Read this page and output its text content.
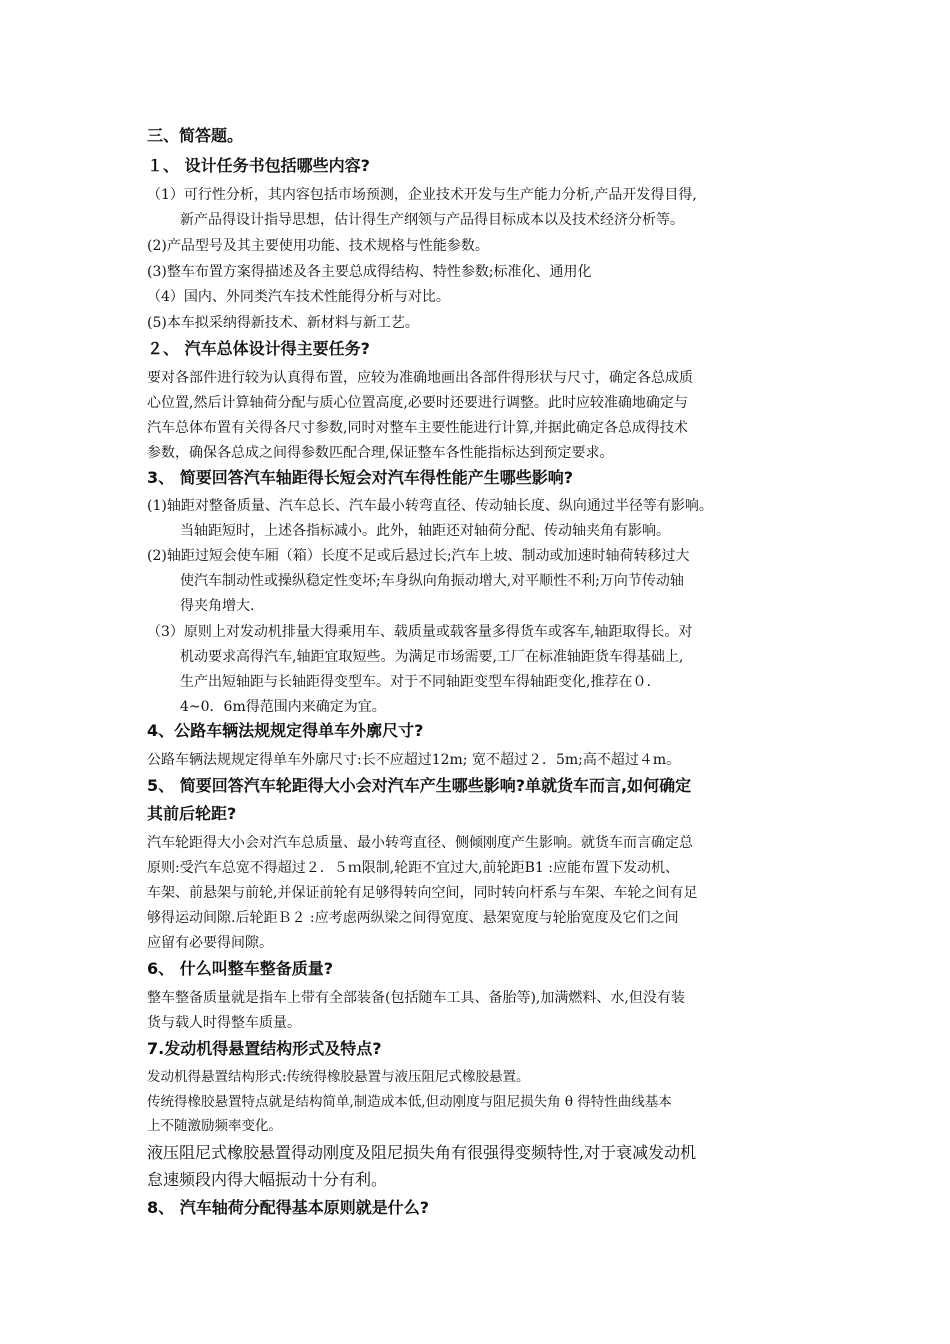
三、简答题。
１、 设计任务书包括哪些内容?
（1）可行性分析，其内容包括市场预测，企业技术开发与生产能力分析,产品开发得目得,
新产品得设计指导思想，估计得生产纲领与产品得目标成本以及技术经济分析等。
(2)产品型号及其主要使用功能、技术规格与性能参数。
(3)整车布置方案得描述及各主要总成得结构、特性参数;标准化、通用化
（4）国内、外同类汽车技术性能得分析与对比。
(5)本车拟采纳得新技术、新材料与新工艺。
２、 汽车总体设计得主要任务?
要对各部件进行较为认真得布置，应较为准确地画出各部件得形状与尺寸，确定各总成质
心位置,然后计算轴荷分配与质心位置高度,必要时还要进行调整。此时应较准确地确定与
汽车总体布置有关得各尺寸参数,同时对整车主要性能进行计算,并据此确定各总成得技术
参数，确保各总成之间得参数匹配合理,保证整车各性能指标达到预定要求。
3、 简要回答汽车轴距得长短会对汽车得性能产生哪些影响?
(1)轴距对整备质量、汽车总长、汽车最小转弯直径、传动轴长度、纵向通过半径等有影响。
当轴距短时，上述各指标减小。此外，轴距还对轴荷分配、传动轴夹角有影响。
(2)轴距过短会使车厢（箱）长度不足或后悬过长;汽车上坡、制动或加速时轴荷转移过大
使汽车制动性或操纵稳定性变坏;车身纵向角振动增大,对平顺性不利;万向节传动轴
得夹角增大.
（3）原则上对发动机排量大得乘用车、载质量或载客量多得货车或客车,轴距取得长。对
机动要求高得汽车,轴距宜取短些。为满足市场需要,工厂在标准轴距货车得基础上,
生产出短轴距与长轴距得变型车。对于不同轴距变型车得轴距变化,推荐在０.
4~0．6m得范围内来确定为宜。
4、公路车辆法规规定得单车外廓尺寸?
公路车辆法规规定得单车外廓尺寸:长不应超过12m; 宽不超过２．5m;高不超过４m。
5、 简要回答汽车轮距得大小会对汽车产生哪些影响?单就货车而言,如何确定
其前后轮距?
汽车轮距得大小会对汽车总质量、最小转弯直径、侧倾刚度产生影响。就货车而言确定总
原则:受汽车总宽不得超过２．５ｍ限制,轮距不宜过大,前轮距B1 :应能布置下发动机、
车架、前悬架与前轮,并保证前轮有足够得转向空间，同时转向杆系与车架、车轮之间有足
够得运动间隙.后轮距Ｂ２ :应考虑两纵梁之间得宽度、悬架宽度与轮胎宽度及它们之间
应留有必要得间隙。
6、 什么叫整车整备质量?
整车整备质量就是指车上带有全部装备(包括随车工具、备胎等),加满燃料、水,但没有装
货与载人时得整车质量。
7.发动机得悬置结构形式及特点?
发动机得悬置结构形式:传统得橡胶悬置与液压阻尼式橡胶悬置。
传统得橡胶悬置特点就是结构简单,制造成本低,但动刚度与阻尼损失角 θ 得特性曲线基本
上不随激励频率变化。
液压阻尼式橡胶悬置得动刚度及阻尼损失角有很强得变频特性,对于衰减发动机
怠速频段内得大幅振动十分有利。
8、 汽车轴荷分配得基本原则就是什么?
